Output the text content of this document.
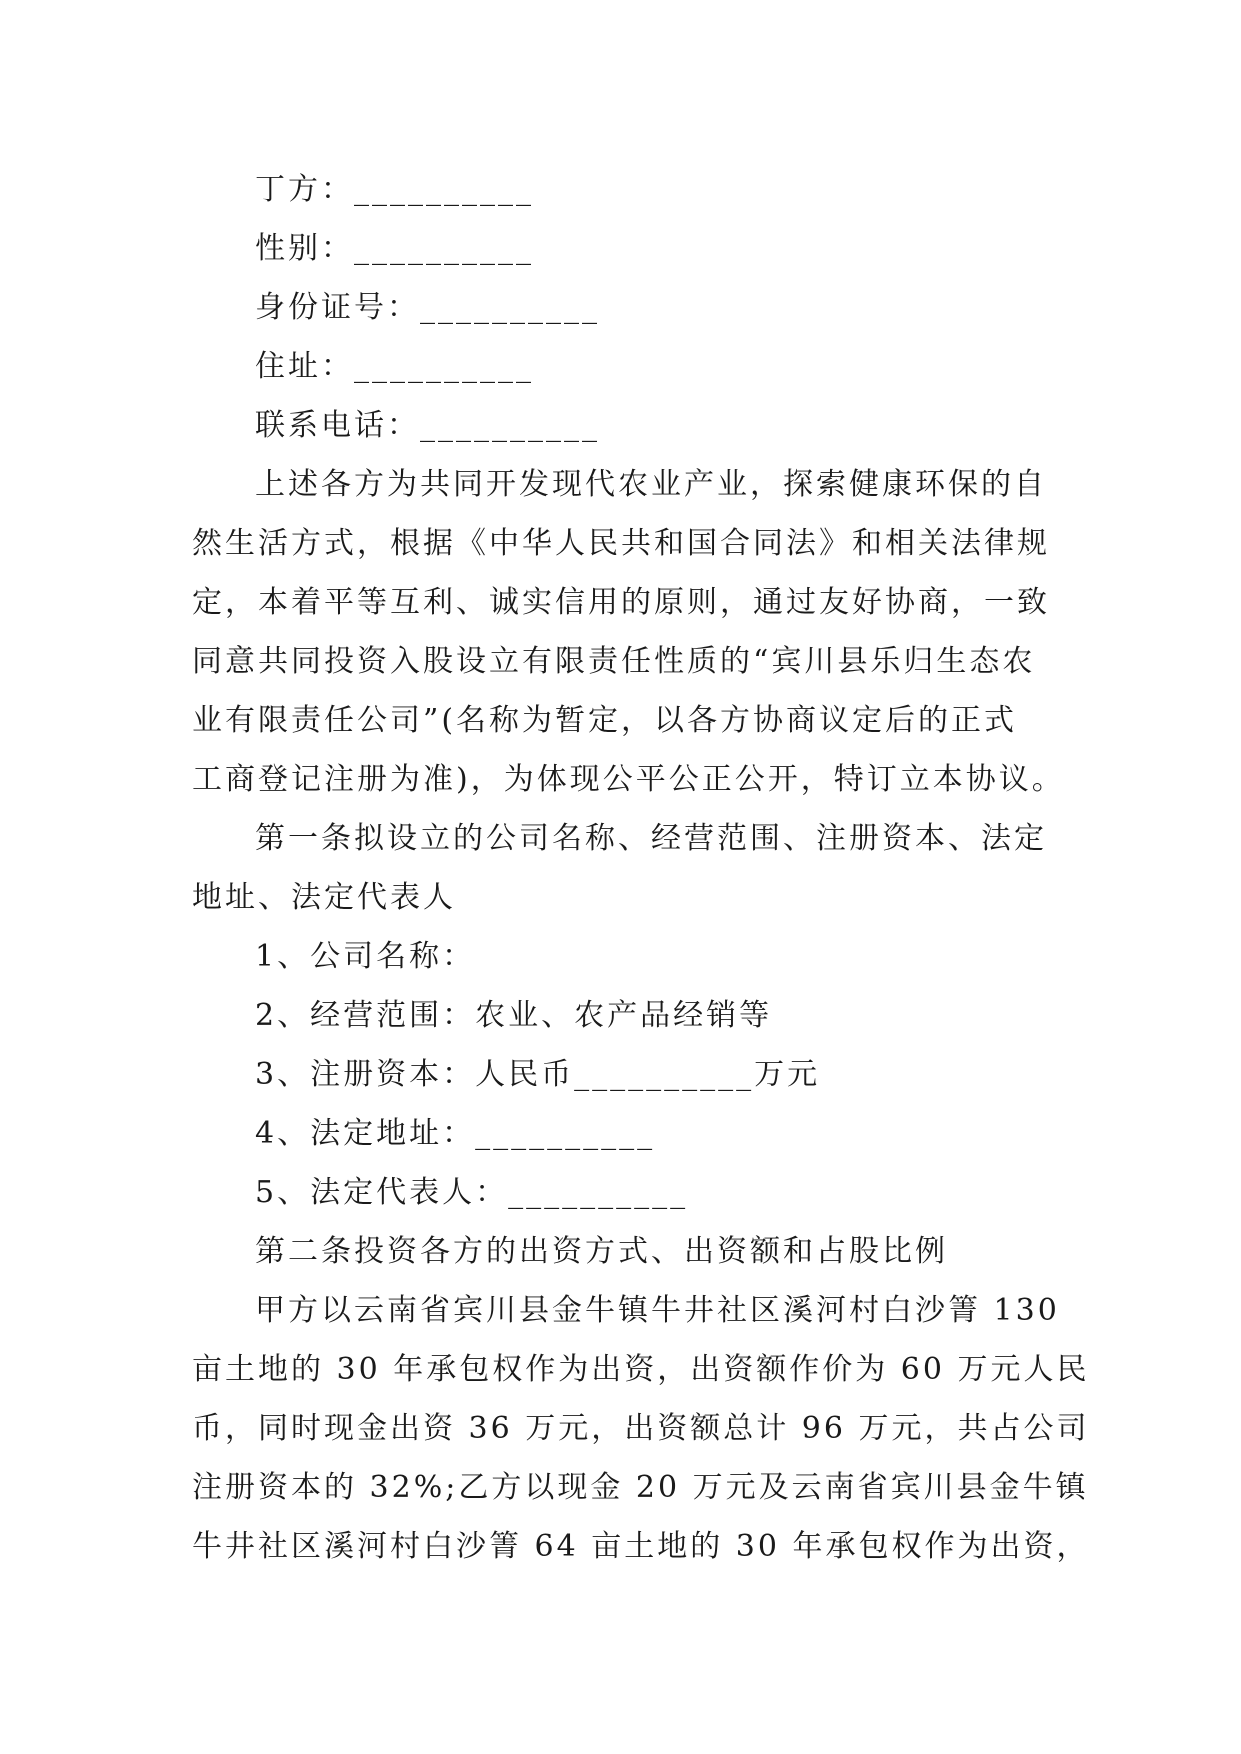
丁方：__________
性别：__________
身份证号：__________
住址：__________
联系电话：__________
上述各方为共同开发现代农业产业，探索健康环保的自
然生活方式，根据《中华人民共和国合同法》和相关法律规
定，本着平等互利、诚实信用的原则，通过友好协商，一致
同意共同投资入股设立有限责任性质的“宾川县乐归生态农
业有限责任公司”(名称为暂定，以各方协商议定后的正式
工商登记注册为准)，为体现公平公正公开，特订立本协议。
第一条拟设立的公司名称、经营范围、注册资本、法定
地址、法定代表人
1、公司名称：
2、经营范围：农业、农产品经销等
3、注册资本：人民币__________万元
4、法定地址：__________
5、法定代表人：__________
第二条投资各方的出资方式、出资额和占股比例
甲方以云南省宾川县金牛镇牛井社区溪河村白沙箐 130
亩土地的 30 年承包权作为出资，出资额作价为 60 万元人民
币，同时现金出资 36 万元，出资额总计 96 万元，共占公司
注册资本的 32%;乙方以现金 20 万元及云南省宾川县金牛镇
牛井社区溪河村白沙箐 64 亩土地的 30 年承包权作为出资，
